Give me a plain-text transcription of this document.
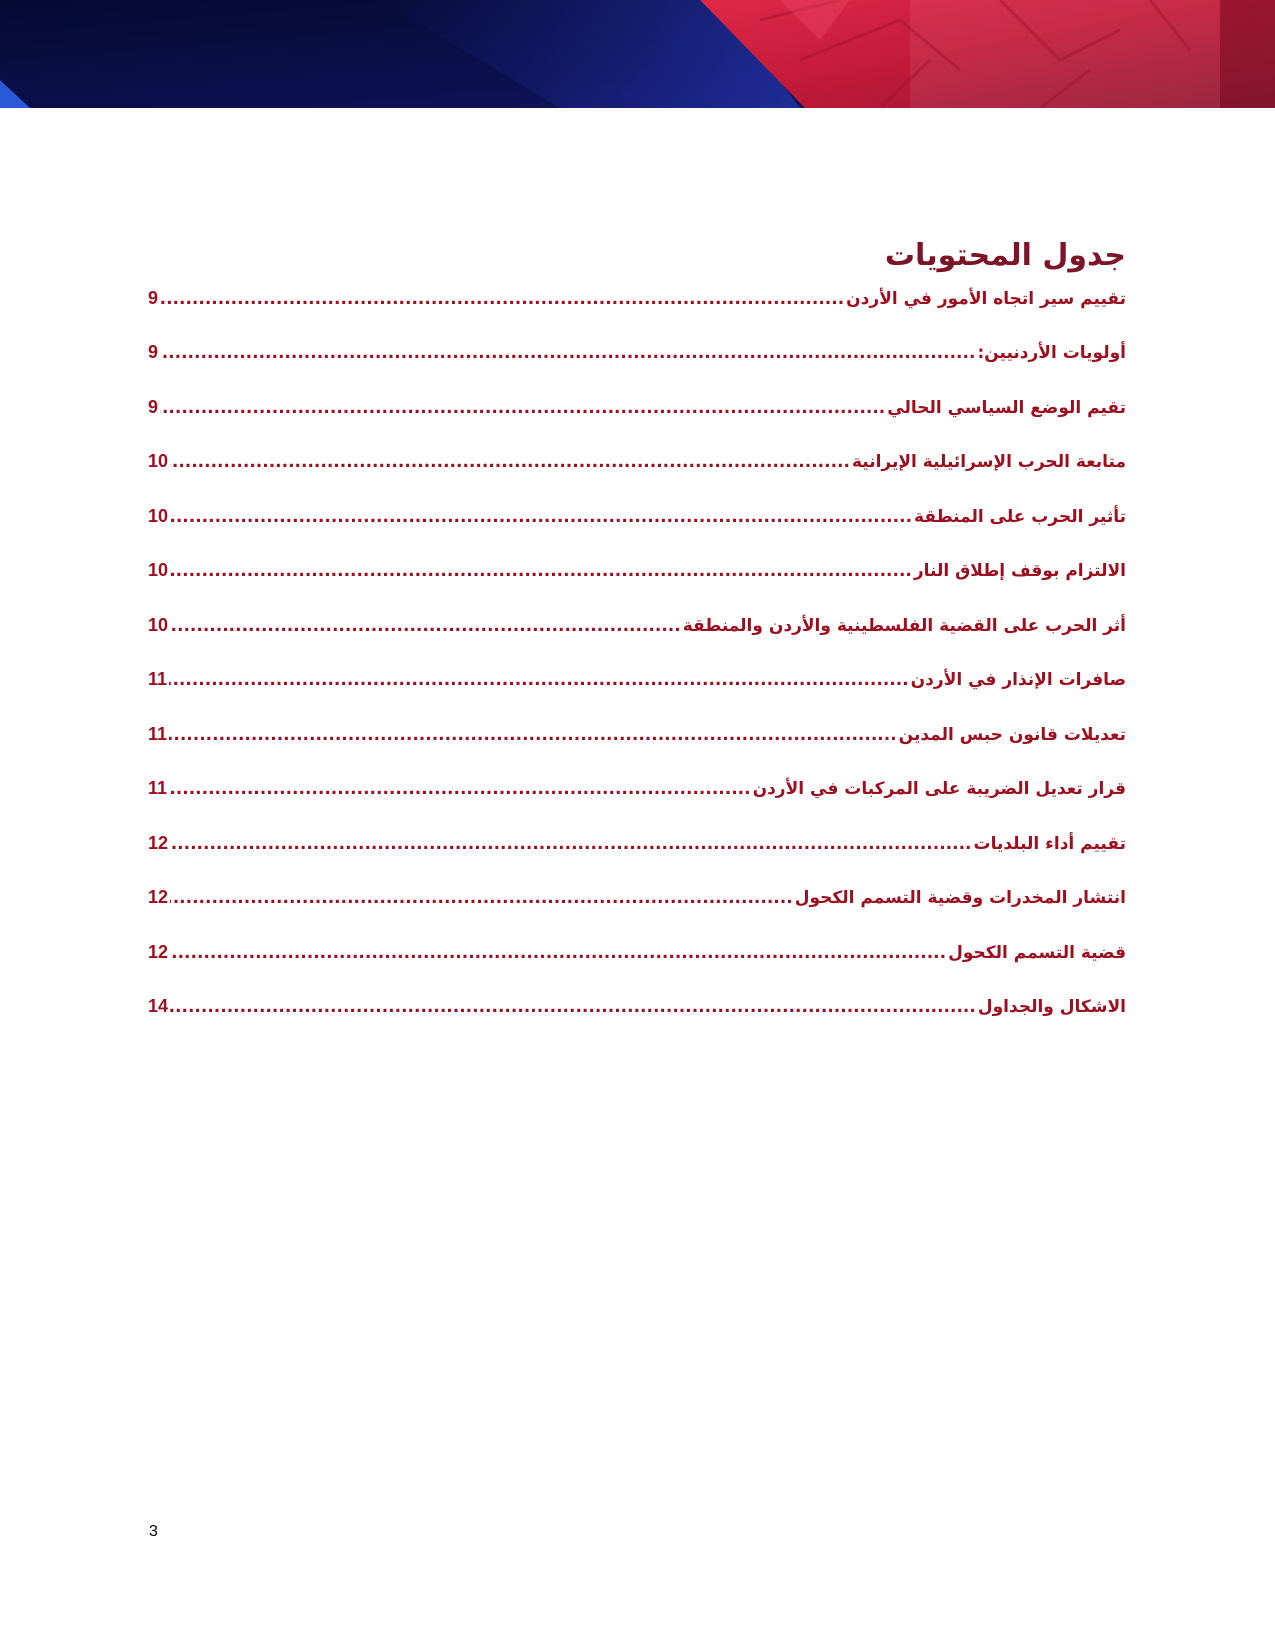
جدول المحتويات
تقييم سير اتجاه الأمور في الأردن
.....
9
أولويات الأردنيين:
.....
9
تقيم الوضع السياسي الحالي
.....
9
متابعة الحرب الإسرائيلية الإيرانية
.....
10
تأثير الحرب على المنطقة
.....
10
الالتزام بوقف إطلاق النار
.....
10
أثر الحرب على القضية الفلسطينية والأردن والمنطقة
.....
10
صافرات الإنذار في الأردن
.....
11
تعديلات قانون حبس المدين
.....
11
قرار تعديل الضريبة على المركبات في الأردن
.....
11
تقييم أداء البلديات
.....
12
انتشار المخدرات وقضية التسمم الكحول
.....
12
قضية التسمم الكحول
.....
12
الاشكال والجداول
.....
14
3
